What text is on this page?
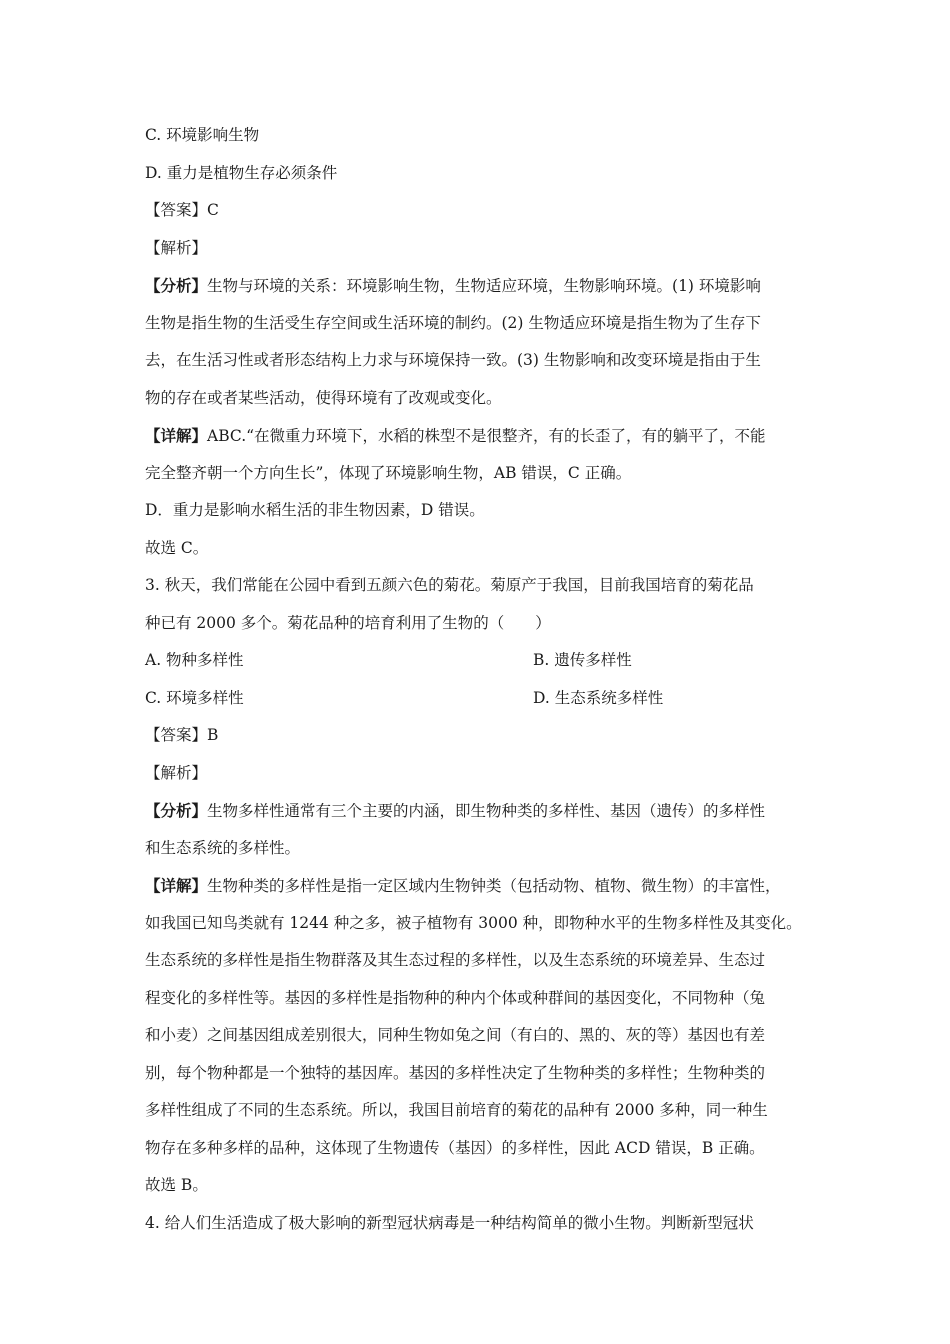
C. 环境影响生物
D. 重力是植物生存必须条件
【答案】C
【解析】
【分析】生物与环境的关系：环境影响生物，生物适应环境，生物影响环境。(1) 环境影响
生物是指生物的生活受生存空间或生活环境的制约。(2) 生物适应环境是指生物为了生存下
去，在生活习性或者形态结构上力求与环境保持一致。(3) 生物影响和改变环境是指由于生
物的存在或者某些活动，使得环境有了改观或变化。
【详解】ABC.“在微重力环境下，水稻的株型不是很整齐，有的长歪了，有的躺平了，不能
完全整齐朝一个方向生长”，体现了环境影响生物，AB 错误，C 正确。
D．重力是影响水稻生活的非生物因素，D 错误。
故选 C。
3. 秋天，我们常能在公园中看到五颜六色的菊花。菊原产于我国，目前我国培育的菊花品
种已有 2000 多个。菊花品种的培育利用了生物的（　　）
A. 物种多样性	B. 遗传多样性
C. 环境多样性	D. 生态系统多样性
【答案】B
【解析】
【分析】生物多样性通常有三个主要的内涵，即生物种类的多样性、基因（遗传）的多样性
和生态系统的多样性。
【详解】生物种类的多样性是指一定区域内生物钟类（包括动物、植物、微生物）的丰富性，
如我国已知鸟类就有 1244 种之多，被子植物有 3000 种，即物种水平的生物多样性及其变化。
生态系统的多样性是指生物群落及其生态过程的多样性，以及生态系统的环境差异、生态过
程变化的多样性等。基因的多样性是指物种的种内个体或种群间的基因变化，不同物种（兔
和小麦）之间基因组成差别很大，同种生物如兔之间（有白的、黑的、灰的等）基因也有差
别，每个物种都是一个独特的基因库。基因的多样性决定了生物种类的多样性；生物种类的
多样性组成了不同的生态系统。所以，我国目前培育的菊花的品种有 2000 多种，同一种生
物存在多种多样的品种，这体现了生物遗传（基因）的多样性，因此 ACD 错误，B 正确。
故选 B。
4. 给人们生活造成了极大影响的新型冠状病毒是一种结构简单的微小生物。判断新型冠状
